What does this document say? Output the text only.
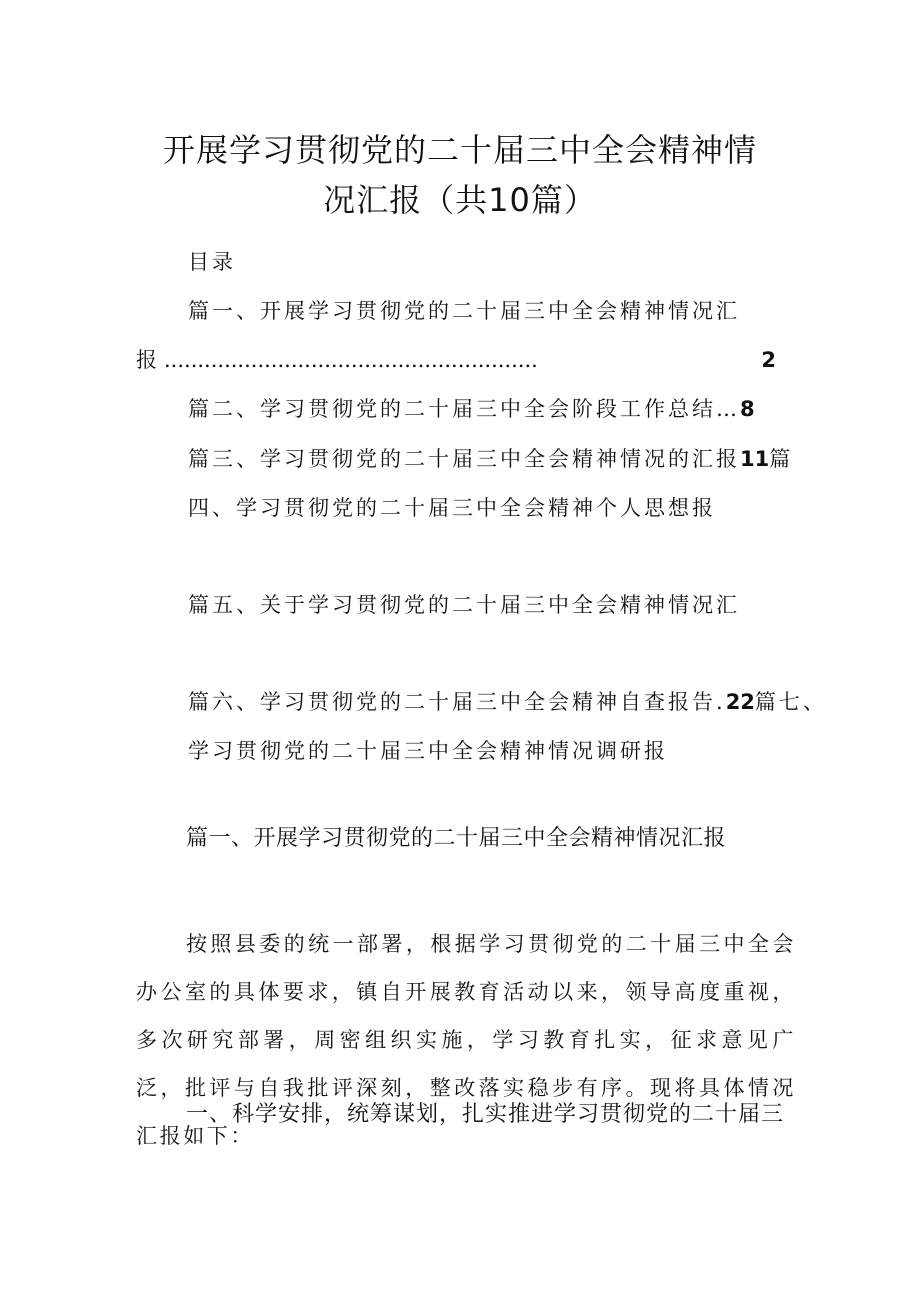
开展学习贯彻党的二十届三中全会精神情
况汇报（共10篇）
目录
篇一、开展学习贯彻党的二十届三中全会精神情况汇
报 ........................................................	2
篇二、学习贯彻党的二十届三中全会阶段工作总结…8
篇三、学习贯彻党的二十届三中全会精神情况的汇报11篇
四、学习贯彻党的二十届三中全会精神个人思想报
篇五、关于学习贯彻党的二十届三中全会精神情况汇
篇六、学习贯彻党的二十届三中全会精神自查报告.22篇七、
学习贯彻党的二十届三中全会精神情况调研报
篇一、开展学习贯彻党的二十届三中全会精神情况汇报
按照县委的统一部署，根据学习贯彻党的二十届三中全会办公室的具体要求，镇自开展教育活动以来，领导高度重视，多次研究部署，周密组织实施，学习教育扎实，征求意见广泛，批评与自我批评深刻，整改落实稳步有序。现将具体情况汇报如下：
一、科学安排，统筹谋划，扎实推进学习贯彻党的二十届三
